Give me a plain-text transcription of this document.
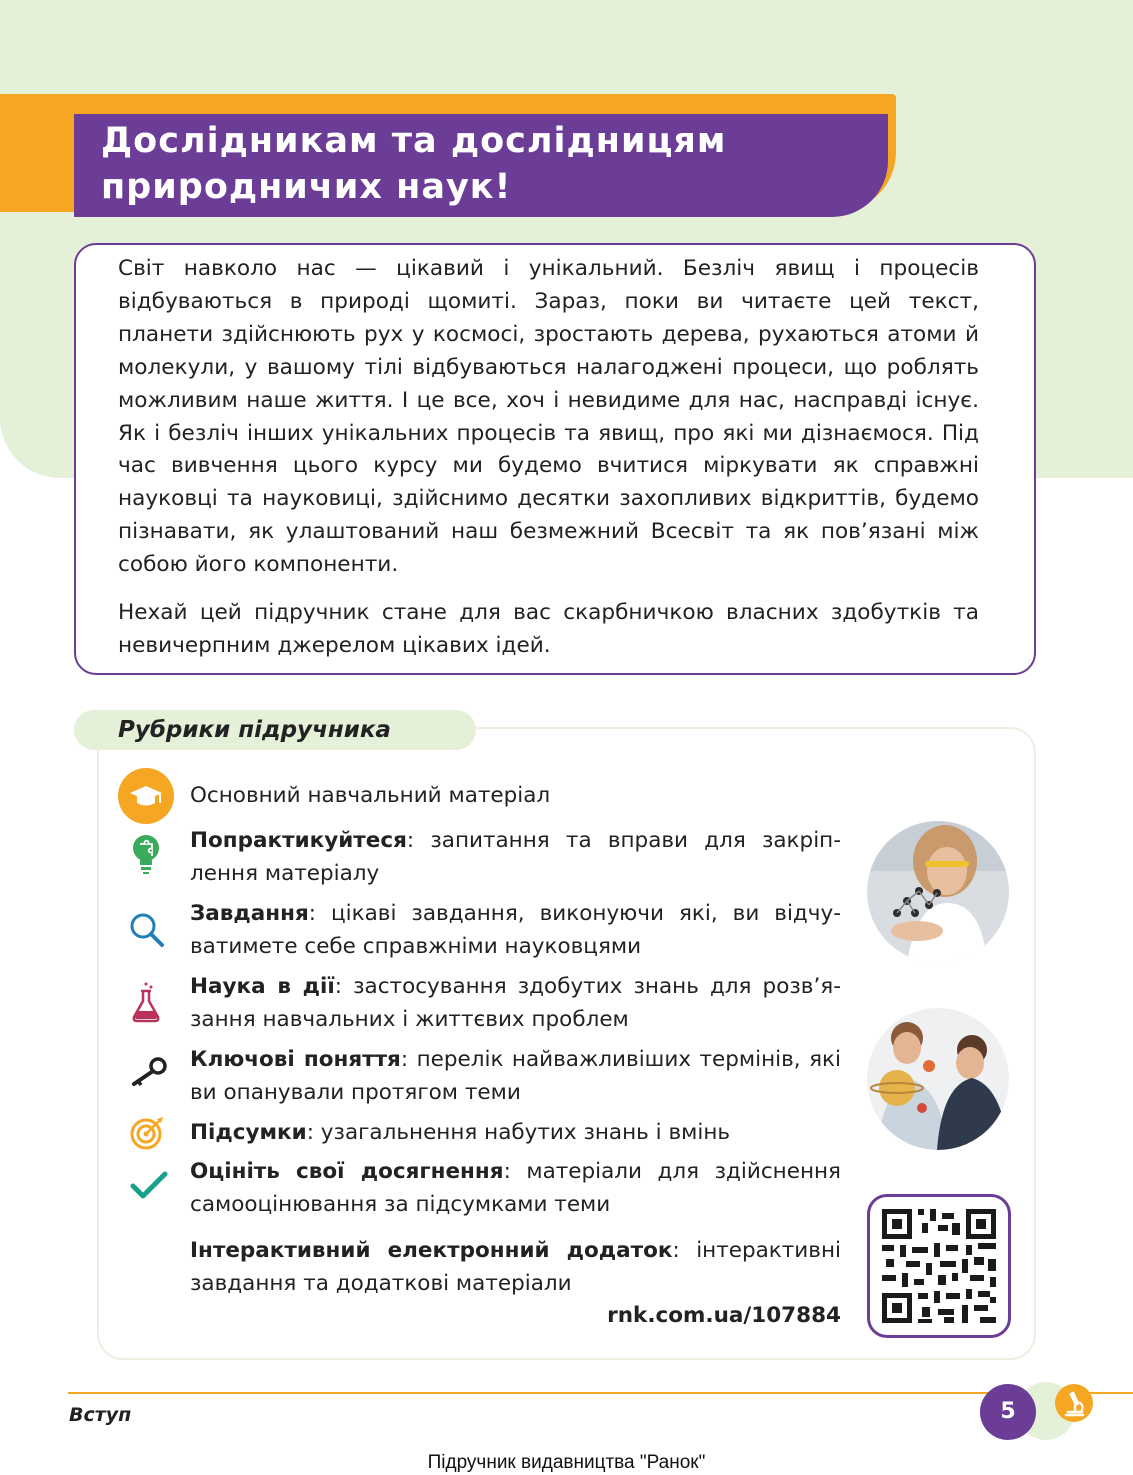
Дослідникам та дослідницям
природничих наук!

Світ навколо нас — цікавий і унікальний. Безліч явищ і процесів відбуваються в природі щомиті. Зараз, поки ви читаєте цей текст, планети здійснюють рух у космосі, зростають дерева, рухаються атоми й молекули, у вашому тілі відбуваються налагоджені процеси, що роблять можливим наше життя. І це все, хоч і невидиме для нас, насправді існує. Як і безліч інших унікальних процесів та явищ, про які ми дізнаємося. Під час вивчення цього курсу ми будемо вчитися міркувати як справжні науковці та науковиці, здійснимо десятки захопливих відкриттів, будемо пізнавати, як улаштований наш безмежний Всесвіт та як пов’язані між собою його компоненти.

Нехай цей підручник стане для вас скарбничкою власних здобутків та невичерпним джерелом цікавих ідей.

Рубрики підручника

Основний навчальний матеріал

Попрактикуйтеся: запитання та вправи для закріплення матеріалу

Завдання: цікаві завдання, виконуючи які, ви відчуватимете себе справжніми науковцями

Наука в дії: застосування здобутих знань для розв’язання навчальних і життєвих проблем

Ключові поняття: перелік найважливіших термінів, які ви опанували протягом теми

Підсумки: узагальнення набутих знань і вмінь

Оцініть свої досягнення: матеріали для здійснення самооцінювання за підсумками теми

Інтерактивний електронний додаток: інтерактивні завдання та додаткові матеріали

rnk.com.ua/107884
Вступ	5
Підручник видавництва "Ранок"
